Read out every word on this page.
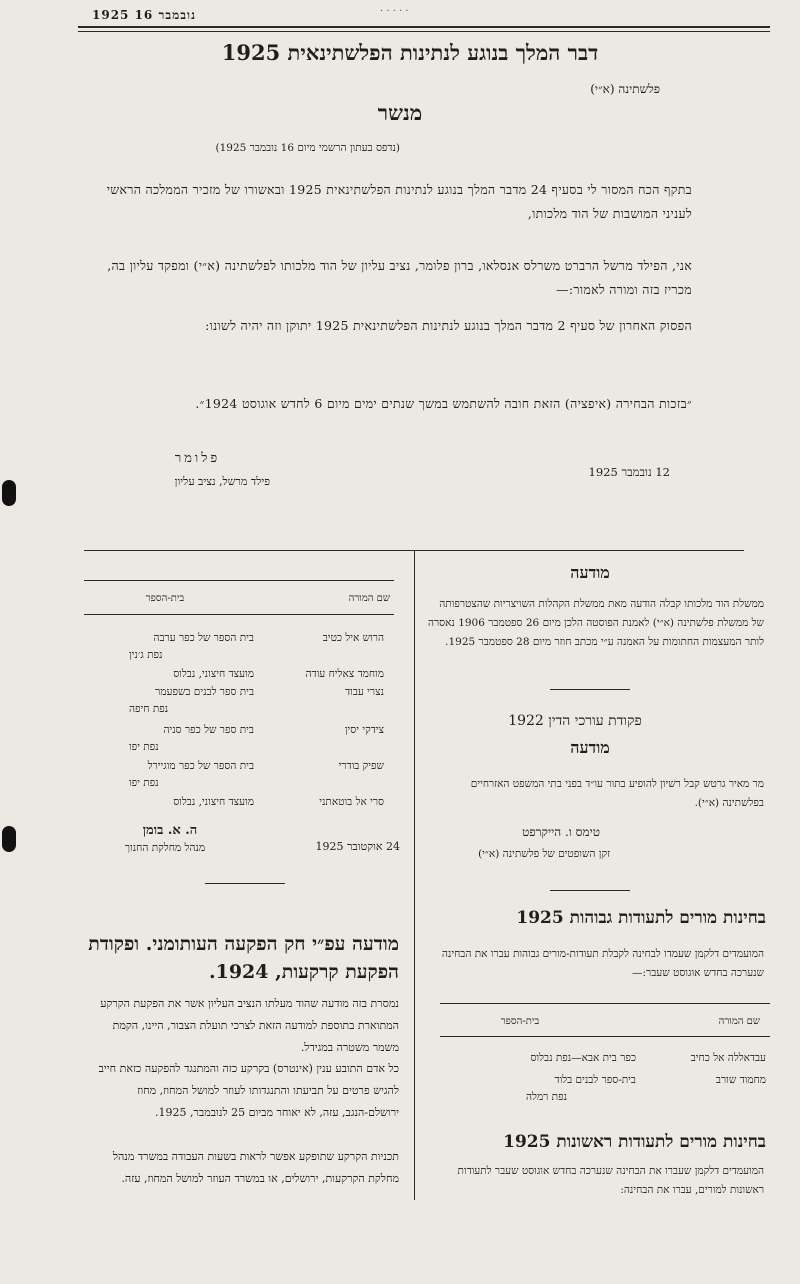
1925 16 נובמבר	· · · · ·
דבר המלך בנוגע לנתינות הפלשתינאית 1925
פלשתינה (א״י)
מנשר
(נדפס בעתון הרשמי מיום 16 נובמבר 1925)
בתקף הכח המסור לי בסעיף 24 מדבר המלך בנוגע לנתינות הפלשתינאית 1925 ובאשורו של מזכיר הממלכה הראשי לעניני המושבות של הוד מלכותו,
אני, הפילד מרשל הרברט משרלס אנסלאו, ברון פלומר, נציב עליון של הוד מלכותו לפלשתינה (א״י) ומפקד עליון בה, מכריז בזה ומורה לאמור:—
הפסוק האחרון של סעיף 2 מדבר המלך בנוגע לנתינות הפלשתינאית 1925 יתוקן וזה יהיה לשונו:
״בזכות הבחירה (איפציה) הזאת חובה להשתמש במשך שנתים ימים מיום 6 לחדש אוגוסט 1924״.
פלומר
פילד מרשל, נציב עליון
12 נובמבר 1925
שם המורה
בית-הספר
הרוש איל כטיב
בית הספר של כפר ערבה
נפת ג׳נין
מוחמד צאליח עודה
מועצד חיצוני, נבלוס
נצרי עבוד
בית ספר לבנים בשפעמר
נפת חיפה
צידקי יסין
בית ספר של כפר סניה
נפת יפו
שפיק בודרי
בית הספר של כפר מוגיירל
נפת יפו
סרי אל בוטאתני
מועצד חיצוני, נבלוס
ה. א. בומן
מנהל מחלקת החנוך	24 אוקטובר 1925
מודעה עפ״י חק הפקעה העותומני. ופקודת הפקעת קרקעות, 1924.
נמסרת בזה מודעה שהוד מעלתו הנציב העליון אשר את הפקעת הקרקע המתוארת בתוספת למודעה הזאת לצרכי תועלת הצבור, היינו, הקמת משמר משטרה במגידל.
כל אדם התובע ענין (אינטרס) בקרקע כזה והמתנגד להפקעה כזאת חייב להגיש פרטים על תביעתו והתנגדותו לעוזר למושל המחוז, מחוז ירושלם-הנגב, עזה, לא יאוחר מביום 25 לנובמבר, 1925.
תכניות הקרקע שתופקע אפשר לראות בשעות העבודה במשרד מנהל מחלקת הקרקעות, ירושלים, או במשרד העוזר למושל המחוז, עזה.
מודעה
ממשלת הוד מלכותו קבלה הודעה מאת ממשלת הקהלות השויצריות שהצטרפותה של ממשלת פלשתינה (א״י) לאמנת הפוסטה הלכן מיום 26 ספטמבר 1906 נאסרה לותר המעצמות החתומות על האמנה ע״י מכתב חוזר מיום 28 ספטמבר 1925.
פקודת עורכי הדין 1922
מודעה
מר מאיר גרטש קבל רשיון להופיע בתור עו״ד בפני בתי המשפט האזרחיים בפלשתינה (א״י).
טימס ו. הייקרפט
זקן השופטים של פלשתינה (א״י)
בחינות מורים לתעודות גבוהות 1925
המועמדים דלקמן שעמדו לבחינה לקבלת תעודות-מורים גבוהות עברו את הבחינה שנערכה בחדש אוגוסט שעבר:—
שם המורה
בית-הספר
עבדאללה אל כחיב
כפר בית אבא—נפת נבלוס
מחמוד שורב
בית-ספר לבנים בלוד
נפת רמלה
בחינות מורים לתעודות ראשונות 1925
המועמדים דלקמן שעברו את הבחינה שנערכה בחדש אוגוסט שעבר לתעודות ראשונות למורים, עברו את הבחינה:
